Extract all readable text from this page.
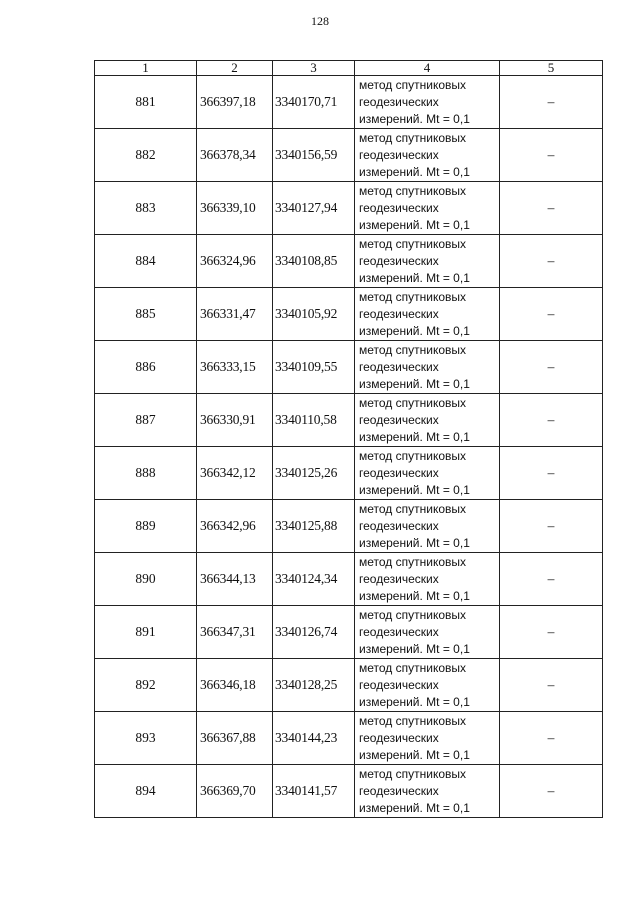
128
1	2	3	4	5
881	366397,18	3340170,71	метод спутниковых
геодезических
измерений. Mt = 0,1	–
882	366378,34	3340156,59	метод спутниковых
геодезических
измерений. Mt = 0,1	–
883	366339,10	3340127,94	метод спутниковых
геодезических
измерений. Mt = 0,1	–
884	366324,96	3340108,85	метод спутниковых
геодезических
измерений. Mt = 0,1	–
885	366331,47	3340105,92	метод спутниковых
геодезических
измерений. Mt = 0,1	–
886	366333,15	3340109,55	метод спутниковых
геодезических
измерений. Mt = 0,1	–
887	366330,91	3340110,58	метод спутниковых
геодезических
измерений. Mt = 0,1	–
888	366342,12	3340125,26	метод спутниковых
геодезических
измерений. Mt = 0,1	–
889	366342,96	3340125,88	метод спутниковых
геодезических
измерений. Mt = 0,1	–
890	366344,13	3340124,34	метод спутниковых
геодезических
измерений. Mt = 0,1	–
891	366347,31	3340126,74	метод спутниковых
геодезических
измерений. Mt = 0,1	–
892	366346,18	3340128,25	метод спутниковых
геодезических
измерений. Mt = 0,1	–
893	366367,88	3340144,23	метод спутниковых
геодезических
измерений. Mt = 0,1	–
894	366369,70	3340141,57	метод спутниковых
геодезических
измерений. Mt = 0,1	–
